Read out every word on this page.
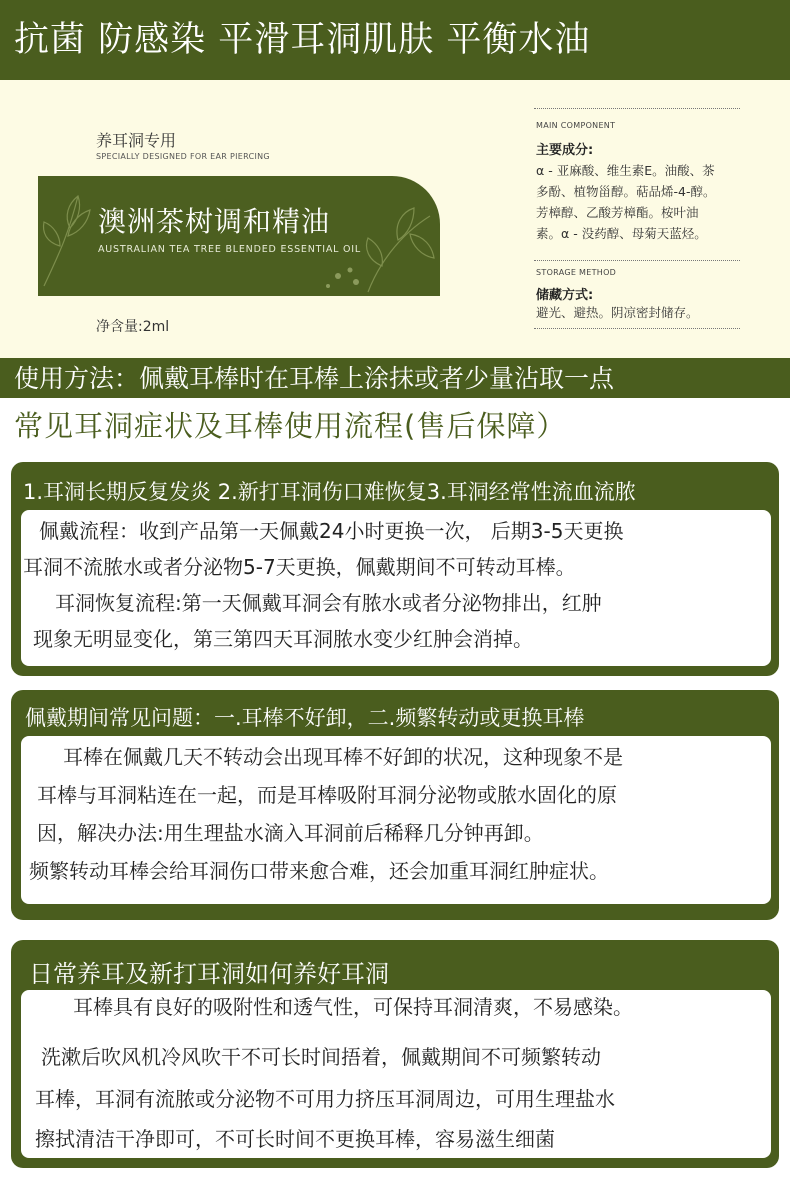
抗菌 防感染 平滑耳洞肌肤 平衡水油
养耳洞专用
SPECIALLY DESIGNED FOR EAR PIERCING
澳洲茶树调和精油
AUSTRALIAN TEA TREE BLENDED ESSENTIAL OIL
净含量:2ml
MAIN COMPONENT
主要成分:
α - 亚麻酸、维生素E。油酸、茶
多酚、植物甾醇。萜品烯-4-醇。
芳樟醇、乙酸芳樟酯。桉叶油
素。α - 没药醇、母菊天蓝烃。
STORAGE METHOD
储藏方式:
避光、避热。阴凉密封储存。
使用方法：佩戴耳棒时在耳棒上涂抹或者少量沾取一点
常见耳洞症状及耳棒使用流程(售后保障）
1.耳洞长期反复发炎 2.新打耳洞伤口难恢复3.耳洞经常性流血流脓
佩戴流程：收到产品第一天佩戴24小时更换一次， 后期3-5天更换
耳洞不流脓水或者分泌物5-7天更换，佩戴期间不可转动耳棒。
耳洞恢复流程:第一天佩戴耳洞会有脓水或者分泌物排出，红肿
现象无明显变化，第三第四天耳洞脓水变少红肿会消掉。
佩戴期间常见问题：一.耳棒不好卸，二.频繁转动或更换耳棒
耳棒在佩戴几天不转动会出现耳棒不好卸的状况，这种现象不是
耳棒与耳洞粘连在一起，而是耳棒吸附耳洞分泌物或脓水固化的原
因，解决办法:用生理盐水滴入耳洞前后稀释几分钟再卸。
频繁转动耳棒会给耳洞伤口带来愈合难，还会加重耳洞红肿症状。
日常养耳及新打耳洞如何养好耳洞
耳棒具有良好的吸附性和透气性，可保持耳洞清爽，不易感染。
洗漱后吹风机冷风吹干不可长时间捂着，佩戴期间不可频繁转动
耳棒，耳洞有流脓或分泌物不可用力挤压耳洞周边，可用生理盐水
擦拭清洁干净即可，不可长时间不更换耳棒，容易滋生细菌
